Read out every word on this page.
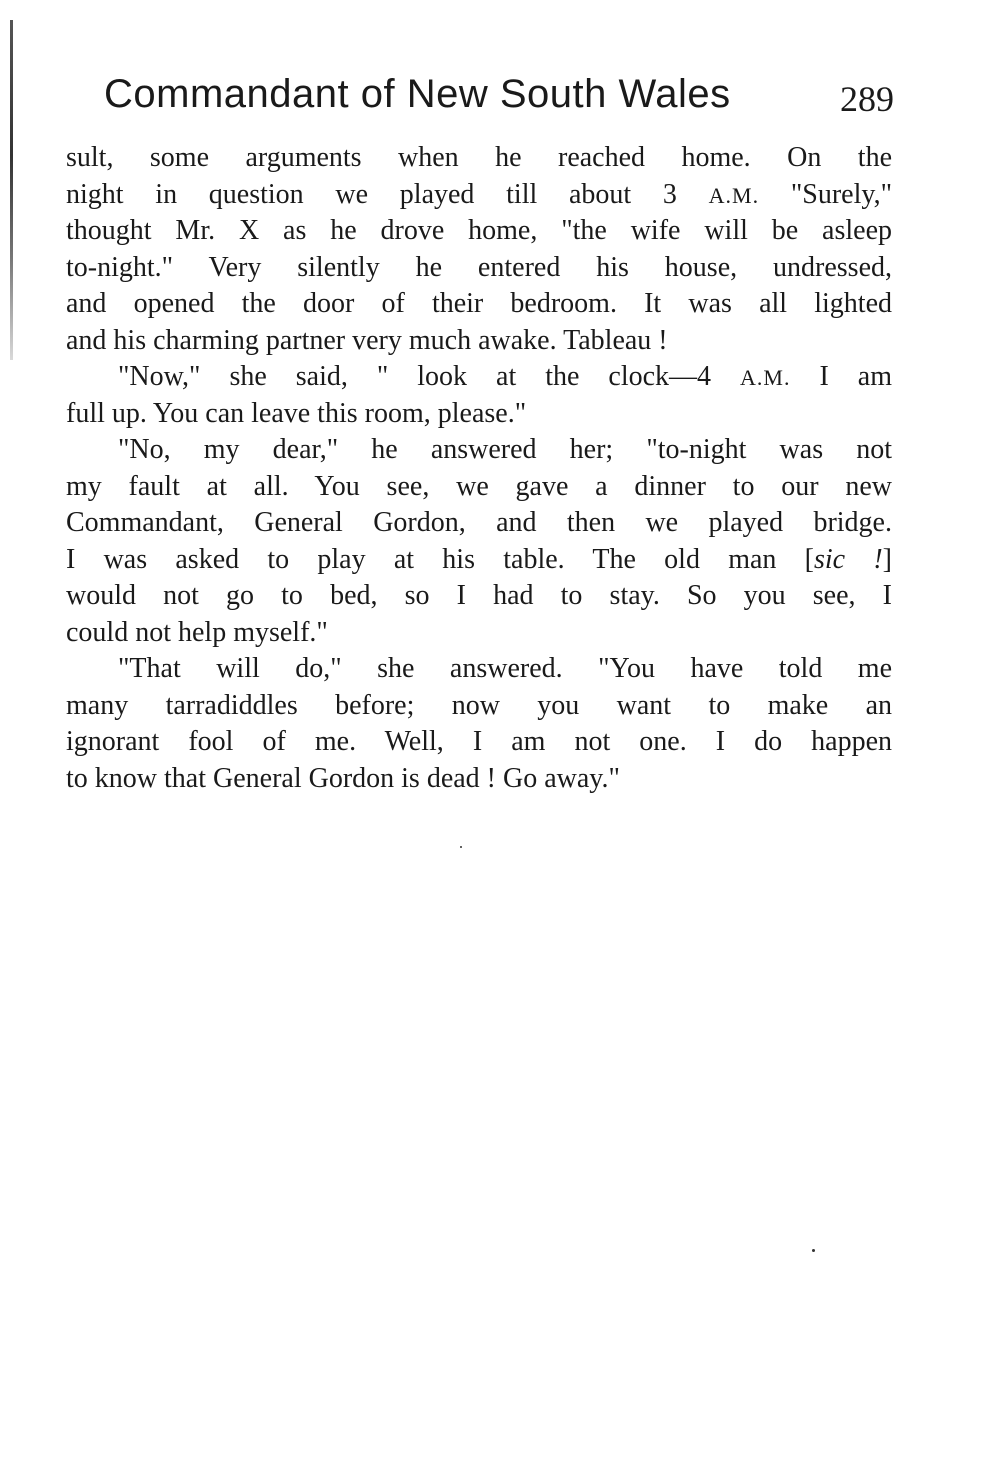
Commandant of New South Wales	289
sult, some arguments when he reached home. On the
night in question we played till about 3 A.M. "Surely,"
thought Mr. X as he drove home, "the wife will be asleep
to-night." Very silently he entered his house, undressed,
and opened the door of their bedroom. It was all lighted
and his charming partner very much awake. Tableau !
"Now," she said, " look at the clock—4 A.M. I am
full up. You can leave this room, please."
"No, my dear," he answered her; "to-night was not
my fault at all. You see, we gave a dinner to our new
Commandant, General Gordon, and then we played bridge.
I was asked to play at his table. The old man [sic !]
would not go to bed, so I had to stay. So you see, I
could not help myself."
"That will do," she answered. "You have told me
many tarradiddles before; now you want to make an
ignorant fool of me. Well, I am not one. I do happen
to know that General Gordon is dead ! Go away."
